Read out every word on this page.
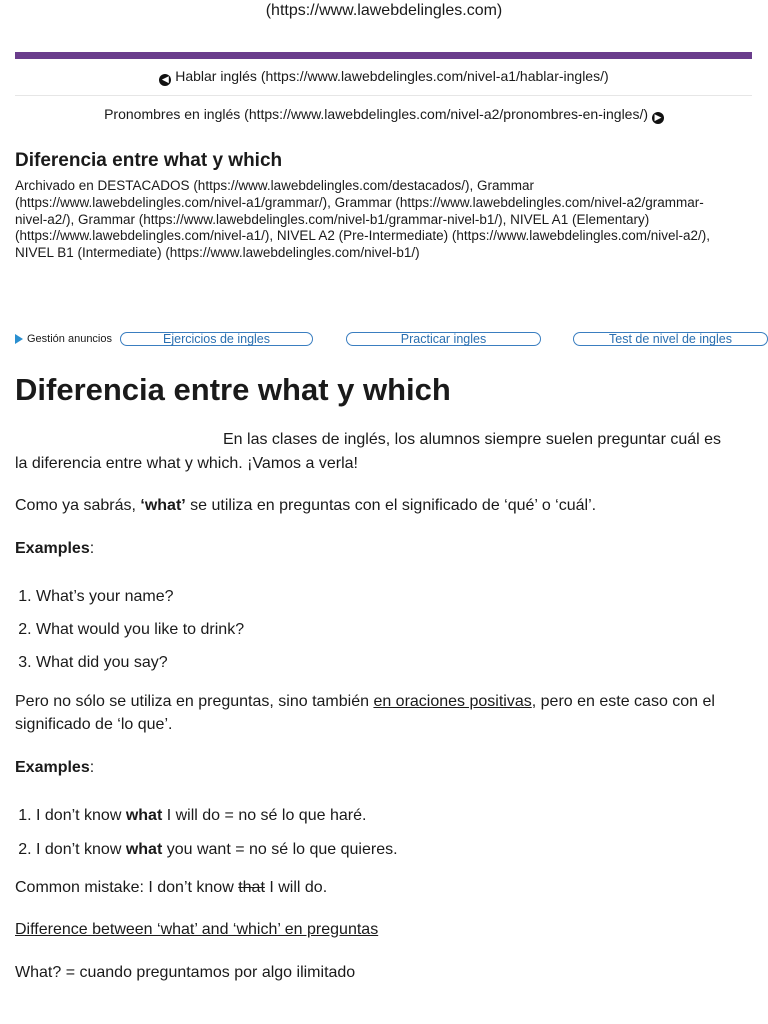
(https://www.lawebdelingles.com)
◀ Hablar inglés (https://www.lawebdelingles.com/nivel-a1/hablar-ingles/)
Pronombres en inglés (https://www.lawebdelingles.com/nivel-a2/pronombres-en-ingles/) ▶
Diferencia entre what y which
Archivado en DESTACADOS (https://www.lawebdelingles.com/destacados/), Grammar (https://www.lawebdelingles.com/nivel-a1/grammar/), Grammar (https://www.lawebdelingles.com/nivel-a2/grammar-nivel-a2/), Grammar (https://www.lawebdelingles.com/nivel-b1/grammar-nivel-b1/), NIVEL A1 (Elementary) (https://www.lawebdelingles.com/nivel-a1/), NIVEL A2 (Pre-Intermediate) (https://www.lawebdelingles.com/nivel-a2/), NIVEL B1 (Intermediate) (https://www.lawebdelingles.com/nivel-b1/)
Gestión anuncios	Ejercicios de ingles	Practicar ingles	Test de nivel de ingles
Diferencia entre what y which

En las clases de inglés, los alumnos siempre suelen preguntar cuál es la diferencia entre what y which. ¡Vamos a verla!

Como ya sabrás, ‘what’ se utiliza en preguntas con el significado de ‘qué’ o ‘cuál’.

Examples:

1. What’s your name?
2. What would you like to drink?
3. What did you say?

Pero no sólo se utiliza en preguntas, sino también en oraciones positivas, pero en este caso con el significado de ‘lo que’.

Examples:

1. I don’t know what I will do = no sé lo que haré.
2. I don’t know what you want = no sé lo que quieres.

Common mistake: I don’t know that I will do.

Difference between ‘what’ and ‘which’ en preguntas

What? = cuando preguntamos por algo ilimitado
